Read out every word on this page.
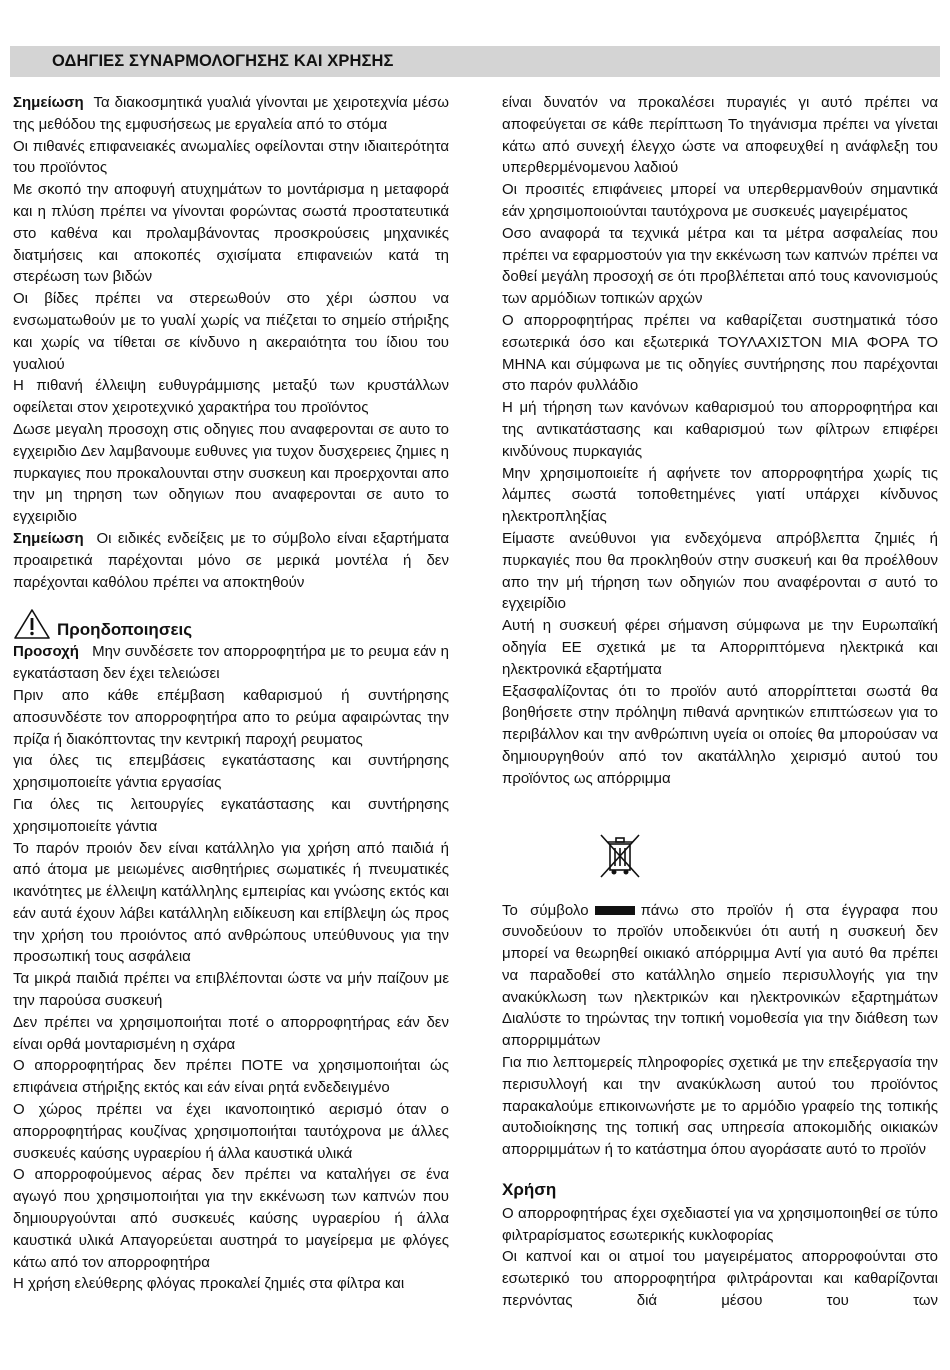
ΟΔΗΓΙΕΣ ΣΥΝΑΡΜΟΛΟΓΗΣΗΣ ΚΑΙ ΧΡΗΣΗΣ

Σημείωση Τα διακοσμητικά γυαλιά γίνονται με χειροτεχνία μέσω της μεθόδου της εμφυσήσεως με εργαλεία από το στόμα

Οι πιθανές επιφανειακές ανωμαλίες οφείλονται στην ιδιαιτερότητα του προϊόντος

Με σκοπό την αποφυγή ατυχημάτων το μοντάρισμα η μεταφορά και η πλύση πρέπει να γίνονται φορώντας σωστά προστατευτικά στο καθένα και προλαμβάνοντας προσκρούσεις μηχανικές διατμήσεις και αποκοπές σχισίματα επιφανειών κατά τη στερέωση των βιδών

Οι βίδες πρέπει να στερεωθούν στο χέρι ώσπου να ενσωματωθούν με το γυαλί χωρίς να πιέζεται το σημείο στήριξης και χωρίς να τίθεται σε κίνδυνο η ακεραιότητα του ίδιου του γυαλιού

Η πιθανή έλλειψη ευθυγράμμισης μεταξύ των κρυστάλλων οφείλεται στον χειροτεχνικό χαρακτήρα του προϊόντος

Δωσε μεγαλη προσοχη στις οδηγιες που αναφερονται σε αυτο το εγχειριδιο Δεν λαμβανουμε ευθυνες για τυχον δυσχερειες ζημιες η πυρκαγιες που προκαλουνται στην συσκευη και προερχονται απο την μη τηρηση των οδηγιων που αναφερονται σε αυτο το εγχειριδιο

Σημείωση Οι ειδικές ενδείξεις με το σύμβολο είναι εξαρτήματα προαιρετικά παρέχονται μόνο σε μερικά μοντέλα ή δεν παρέχονται καθόλου πρέπει να αποκτηθούν

Προηδοποιησεις

Προσοχή Μην συνδέσετε τον απορροφητήρα με το ρευμα εάν η εγκατάσταση δεν έχει τελειώσει

Πριν απο κάθε επέμβαση καθαρισμού ή συντήρησης αποσυνδέστε τον απορροφητήρα απο το ρεύμα αφαιρώντας την πρίζα ή διακόπτοντας την κεντρική παροχή ρευματος

για όλες τις επεμβάσεις εγκατάστασης και συντήρησης χρησιμοποιείτε γάντια εργασίας

Για όλες τις λειτουργίες εγκατάστασης και συντήρησης χρησιμοποιείτε γάντια

Το παρόν προιόν δεν είναι κατάλληλο για χρήση από παιδιά ή από άτομα με μειωμένες αισθητήριες σωματικές ή πνευματικές ικανότητες με έλλειψη κατάλληλης εμπειρίας και γνώσης εκτός και εάν αυτά έχουν λάβει κατάλληλη ειδίκευση και επίβλεψη ώς προς την χρήση του προιόντος από ανθρώπους υπεύθυνους για την προσωπική τους ασφάλεια

Τα μικρά παιδιά πρέπει να επιβλέπονται ώστε να μήν παίζουν με την παρούσα συσκευή

Δεν πρέπει να χρησιμοποιήται ποτέ ο απορροφητήρας εάν δεν είναι ορθά μονταρισμένη η σχάρα

Ο απορροφητήρας δεν πρέπει ΠΟΤΕ να χρησιμοποιήται ώς επιφάνεια στήριξης εκτός και εάν είναι ρητά ενδεδειγμένο

Ο χώρος πρέπει να έχει ικανοποιητικό αερισμό όταν ο απορροφητήρας κουζίνας χρησιμοποιήται ταυτόχρονα με άλλες συσκευές καύσης υγραερίου ή άλλα καυστικά υλικά

Ο απορροφούμενος αέρας δεν πρέπει να καταλήγει σε ένα αγωγό που χρησιμοποιήται για την εκκένωση των καπνών που δημιουργούνται από συσκευές καύσης υγραερίου ή άλλα καυστικά υλικά Απαγορεύεται αυστηρά το μαγείρεμα με φλόγες κάτω από τον απορροφητήρα

Η χρήση ελεύθερης φλόγας προκαλεί ζημιές στα φίλτρα και

είναι δυνατόν να προκαλέσει πυραγιές γι αυτό πρέπει να αποφεύγεται σε κάθε περίπτωση Το τηγάνισμα πρέπει να γίνεται κάτω από συνεχή έλεγχο ώστε να αποφευχθεί η ανάφλεξη του υπερθερμένομενου λαδιού

Οι προσιτές επιφάνειες μπορεί να υπερθερμανθούν σημαντικά εάν χρησιμοποιούνται ταυτόχρονα με συσκευές μαγειρέματος

Οσο αναφορά τα τεχνικά μέτρα και τα μέτρα ασφαλείας που πρέπει να εφαρμοστούν για την εκκένωση των καπνών πρέπει να δοθεί μεγάλη προσοχή σε ότι προβλέπεται από τους κανονισμούς των αρμόδιων τοπικών αρχών

Ο απορροφητήρας πρέπει να καθαρίζεται συστηματικά τόσο εσωτερικά όσο και εξωτερικά ΤΟΥΛΑΧΙΣΤΟΝ ΜΙΑ ΦΟΡΑ ΤΟ ΜΗΝΑ και σύμφωνα με τις οδηγίες συντήρησης που παρέχονται στο παρόν φυλλάδιο

Η μή τήρηση των κανόνων καθαρισμού του απορροφητήρα και της αντικατάστασης και καθαρισμού των φίλτρων επιφέρει κινδύνους πυρκαγιάς

Μην χρησιμοποιείτε ή αφήνετε τον απορροφητήρα χωρίς τις λάμπες σωστά τοποθετημένες γιατί υπάρχει κίνδυνος ηλεκτροπληξίας

Είμαστε ανεύθυνοι για ενδεχόμενα απρόβλεπτα ζημιές ή πυρκαγιές που θα προκληθούν στην συσκευή και θα προέλθουν απο την μή τήρηση των οδηγιών που αναφέρονται σ αυτό το εγχειρίδιο

Αυτή η συσκευή φέρει σήμανση σύμφωνα με την Ευρωπαϊκή οδηγία ΕΕ σχετικά με τα Απορριπτόμενα ηλεκτρικά και ηλεκτρονικά εξαρτήματα

Εξασφαλίζοντας ότι το προϊόν αυτό απορρίπτεται σωστά θα βοηθήσετε στην πρόληψη πιθανά αρνητικών επιπτώσεων για το περιβάλλον και την ανθρώπινη υγεία οι οποίες θα μπορούσαν να δημιουργηθούν από τον ακατάλληλο χειρισμό αυτού του προϊόντος ως απόρριμμα

Το σύμβολο	πάνω στο προϊόν ή στα έγγραφα που συνοδεύουν το προϊόν υποδεικνύει ότι αυτή η συσκευή δεν μπορεί να θεωρηθεί οικιακό απόρριμμα Αντί για αυτό θα πρέπει να παραδοθεί στο κατάλληλο σημείο περισυλλογής για την ανακύκλωση των ηλεκτρικών και ηλεκτρονικών εξαρτημάτων Διαλύστε το τηρώντας την τοπική νομοθεσία για την διάθεση των απορριμμάτων

Για πιο λεπτομερείς πληροφορίες σχετικά με την επεξεργασία την περισυλλογή και την ανακύκλωση αυτού του προϊόντος παρακαλούμε επικοινωνήστε με το αρμόδιο γραφείο της τοπικής αυτοδιοίκησης της τοπική σας υπηρεσία αποκομιδής οικιακών απορριμμάτων ή το κατάστημα όπου αγοράσατε αυτό το προϊόν

Χρήση

Ο απορροφητήρας έχει σχεδιαστεί για να χρησιμοποιηθεί σε τύπο φιλτραρίσματος εσωτερικής κυκλοφορίας

Οι καπνοί και οι ατμοί του μαγειρέματος απορροφούνται στο εσωτερικό του απορροφητήρα φιλτράρονται και καθαρίζονται περνόντας διά μέσου του των
